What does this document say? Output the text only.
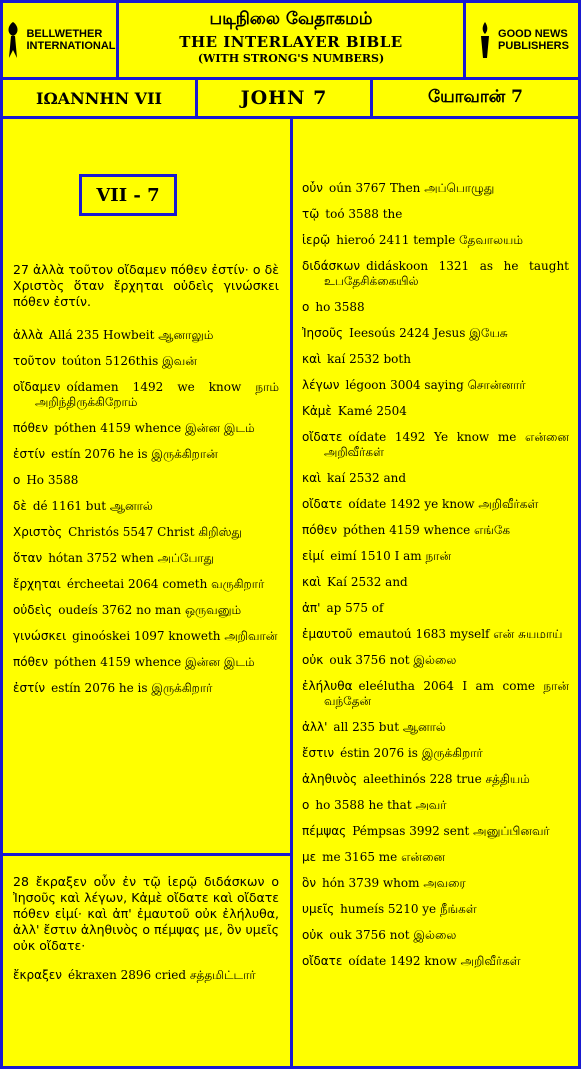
BELLWETHER
INTERNATIONAL
படிநிலை வேதாகமம்
THE INTERLAYER BIBLE
(WITH STRONG'S NUMBERS)
GOOD NEWS
PUBLISHERS
ΙΩΑΝΝΗΝ VII	JOHN 7	யோவான் 7
VII - 7
27 ἀλλὰ τοῦτον οἴδαμεν πόθεν ἐστίν· ο δὲ Χριστὸς ὅταν ἔρχηται οὐδεὶς γινώσκει πόθεν ἐστίν.
ἀλλὰ Allá 235 Howbeit ஆனாலும்
τοῦτον toúton 5126this இவன்
οἴδαμεν oídamen 1492 we know நாம் அறிந்திருக்கிறோம்
πόθεν póthen 4159 whence இன்ன இடம்
ἐστίν estín 2076 he is இருக்கிறான்
ο Ho 3588
δὲ dé 1161 but ஆனால்
Χριστὸς Christós 5547 Christ கிறிஸ்து
ὅταν hótan 3752 when அப்போது
ἔρχηται ércheetai 2064 cometh வருகிறார்
οὐδεὶς oudeís 3762 no man ஒருவனும்
γινώσκει ginoóskei 1097 knoweth அறிவான்
πόθεν póthen 4159 whence இன்ன இடம்
ἐστίν estín 2076 he is இருக்கிறார்
28 ἔκραξεν οὖν ἐν τῷ ἱερῷ διδάσκων ο Ἰησοῦς καὶ λέγων, Κἀμὲ οἴδατε καὶ οἴδατε πόθεν εἰμί· καὶ ἀπ' ἐμαυτοῦ οὐκ ἐλήλυθα, ἀλλ' ἔστιν ἀληθινὸς ο πέμψας με, ὃν υμεῖς οὐκ οἴδατε·
ἔκραξεν ékraxen 2896 cried சத்தமிட்டார்
οὖν oún 3767 Then அப்பொழுது
τῷ toó 3588 the
ἱερῷ hieroó 2411 temple தேவாலயம்
διδάσκων didáskoon 1321 as he taught உபதேசிக்கையில்
ο ho 3588
Ἰησοῦς Ieesoús 2424 Jesus இயேசு
καὶ kaí 2532 both
λέγων légoon 3004 saying சொன்னார்
Κἀμὲ Kamé 2504
οἴδατε oídate 1492 Ye know me என்னை அறிவீர்கள்
καὶ kaí 2532 and
οἴδατε oídate 1492 ye know அறிவீர்கள்
πόθεν póthen 4159 whence எங்கே
εἰμί eimí 1510 I am நான்
καὶ Kaí 2532 and
ἀπ' ap 575 of
ἐμαυτοῦ emautoú 1683 myself என் சுயமாய்
οὐκ ouk 3756 not இல்லை
ἐλήλυθα eleélutha 2064 I am come நான் வந்தேன்
ἀλλ' all 235 but ஆனால்
ἔστιν éstin 2076 is இருக்கிறார்
ἀληθινὸς aleethinós 228 true சத்தியம்
ο ho 3588 he that அவர்
πέμψας Pémpsas 3992 sent அனுப்பினவர்
με me 3165 me என்னை
ὃν hón 3739 whom அவரை
υμεῖς humeís 5210 ye நீங்கள்
οὐκ ouk 3756 not இல்லை
οἴδατε oídate 1492 know அறிவீர்கள்
